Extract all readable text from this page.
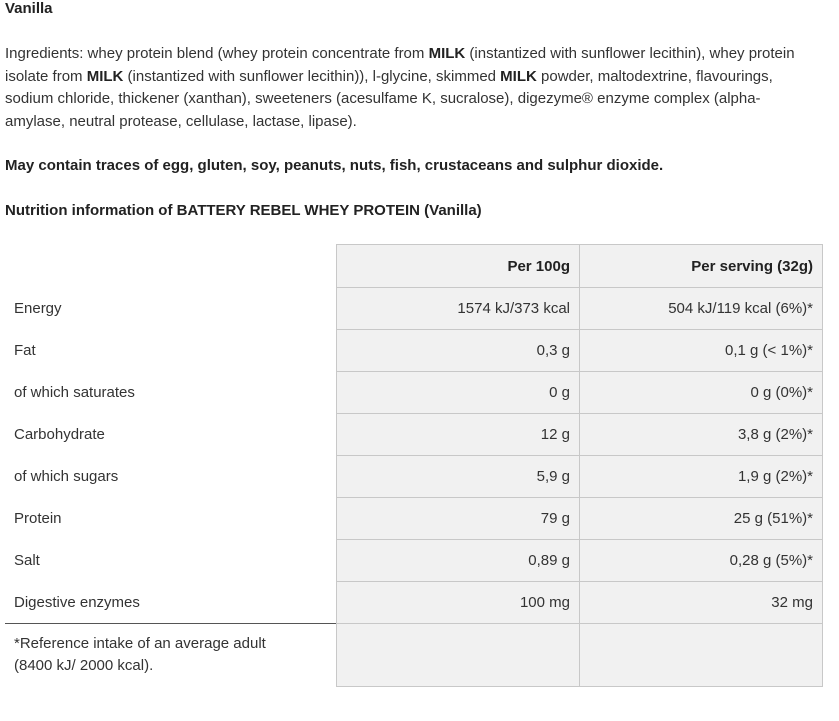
Vanilla
Ingredients: whey protein blend (whey protein concentrate from MILK (instantized with sunflower lecithin), whey protein isolate from MILK (instantized with sunflower lecithin)), l-glycine, skimmed MILK powder, maltodextrine, flavourings, sodium chloride, thickener (xanthan), sweeteners (acesulfame K, sucralose), digezyme® enzyme complex (alpha-amylase, neutral protease, cellulase, lactase, lipase).
May contain traces of egg, gluten, soy, peanuts, nuts, fish, crustaceans and sulphur dioxide.
Nutrition information of BATTERY REBEL WHEY PROTEIN (Vanilla)
	Per 100g	Per serving (32g)
Energy	1574 kJ/373 kcal	504 kJ/119 kcal (6%)*
Fat	0,3 g	0,1 g (< 1%)*
of which saturates	0 g	0 g (0%)*
Carbohydrate	12 g	3,8 g (2%)*
of which sugars	5,9 g	1,9 g (2%)*
Protein	79 g	25 g (51%)*
Salt	0,89 g	0,28 g (5%)*
Digestive enzymes	100 mg	32 mg

*Reference intake of an average adult
(8400 kJ/ 2000 kcal).		
